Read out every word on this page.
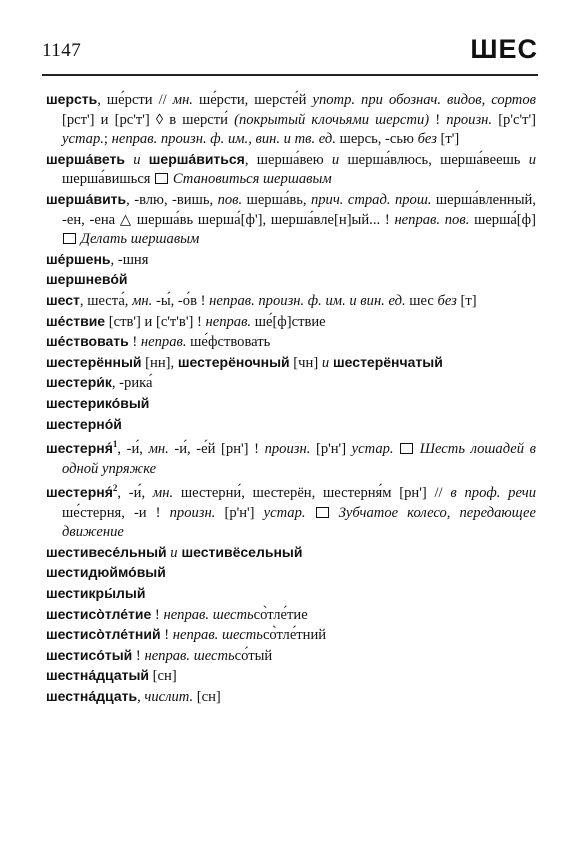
1147	ШЕС

шерсть, ше́рсти // мн. ше́рсти, шерсте́й употр. при обознач. видов, сортов [рст'] и [рс'т'] ◊ в шерсти́ (покрытый клочьями шерсти) ! произн. [р'с'т'] устар.; неправ. произн. ф. им., вин. и тв. ед. шерсь, -сью без [т']

шерша́веть и шерша́виться, шерша́вею и шерша́влюсь, шерша́веешь и шерша́вишься  Становиться шершавым

шерша́вить, -влю, -вишь, пов. шерша́вь, прич. страд. прош. шерша́вленный, -ен, -ена △ шерша́вь шерша́[ф'], шерша́вле[н]ый... ! неправ. пов. шерша́[ф]  Делать шершавым

ше́ршень, -шня

шершнево́й

шест, шеста́, мн. -ы́, -о́в ! неправ. произн. ф. им. и вин. ед. шес без [т]

ше́ствие [ств'] и [с'т'в'] ! неправ. ше́[ф]ствие

ше́ствовать ! неправ. ше́фствовать

шестерённый [нн], шестерёночный [чн] и шестерёнчатый

шестери́к, -рика́

шестерико́вый

шестерно́й

шестерня́$^1$, -и́, мн. -и́, -е́й [рн'] ! произн. [р'н'] устар. Шесть лошадей в одной упряжке

шестерня́$^2$, -и́, мн. шестерни́, шестерён, шестерня́м [рн'] // в проф. речи ше́стерня, -и ! произн. [р'н'] устар. Зубчатое колесо, передающее движение

шестивесе́льный и шестивёсельный

шестидюймо́вый

шестикры́лый

шестисо̀тле́тие ! неправ. шестьсо̀тле́тие

шестисо̀тле́тний ! неправ. шестьсо̀тле́тний

шестисо́тый ! неправ. шестьсо́тый

шестна́дцатый [сн]

шестна́дцать, числит. [сн]
